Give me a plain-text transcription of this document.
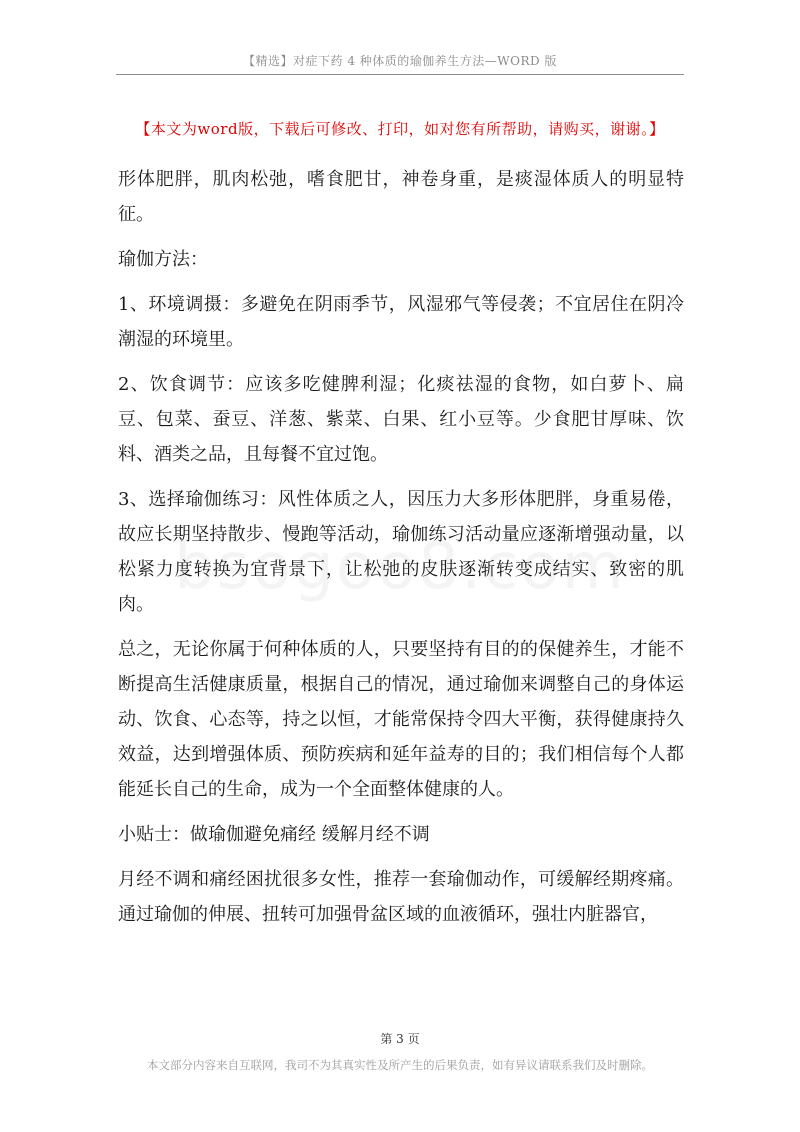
【精选】对症下药 4 种体质的瑜伽养生方法—WORD 版
【本文为word版，下载后可修改、打印，如对您有所帮助，请购买，谢谢。】

形体肥胖，肌肉松弛，嗜食肥甘，神卷身重，是痰湿体质人的明显特征。

瑜伽方法：

1、环境调摄：多避免在阴雨季节，风湿邪气等侵袭；不宜居住在阴冷潮湿的环境里。

2、饮食调节：应该多吃健脾利湿；化痰祛湿的食物，如白萝卜、扁豆、包菜、蚕豆、洋葱、紫菜、白果、红小豆等。少食肥甘厚味、饮料、酒类之品，且每餐不宜过饱。

3、选择瑜伽练习：风性体质之人，因压力大多形体肥胖，身重易倦，故应长期坚持散步、慢跑等活动，瑜伽练习活动量应逐渐增强动量，以松紧力度转换为宜背景下，让松弛的皮肤逐渐转变成结实、致密的肌肉。

总之，无论你属于何种体质的人，只要坚持有目的的保健养生，才能不断提高生活健康质量，根据自己的情况，通过瑜伽来调整自己的身体运动、饮食、心态等，持之以恒，才能常保持令四大平衡，获得健康持久效益，达到增强体质、预防疾病和延年益寿的目的；我们相信每个人都能延长自己的生命，成为一个全面整体健康的人。

小贴士：做瑜伽避免痛经 缓解月经不调

月经不调和痛经困扰很多女性，推荐一套瑜伽动作，可缓解经期疼痛。通过瑜伽的伸展、扭转可加强骨盆区域的血液循环，强壮内脏器官，

第 3 页
本文部分内容来自互联网，我司不为其真实性及所产生的后果负责，如有异议请联系我们及时删除。
